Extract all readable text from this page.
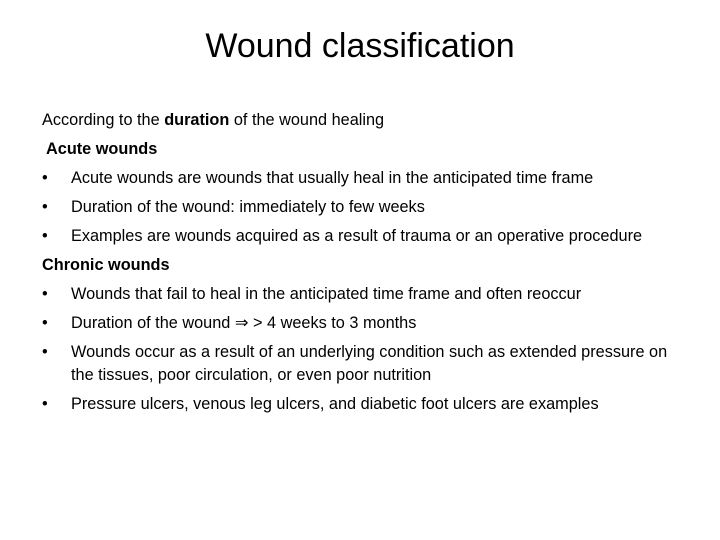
Wound classification
According to the duration of the wound healing
Acute wounds
• Acute wounds are wounds that usually heal in the anticipated time frame
• Duration of the wound: immediately to few weeks
• Examples are wounds acquired as a result of trauma or an operative procedure
Chronic wounds
• Wounds that fail to heal in the anticipated time frame and often reoccur
• Duration of the wound ⇒ > 4 weeks to 3 months
• Wounds occur as a result of an underlying condition such as extended pressure on the tissues, poor circulation, or even poor nutrition
• Pressure ulcers, venous leg ulcers, and diabetic foot ulcers are examples
